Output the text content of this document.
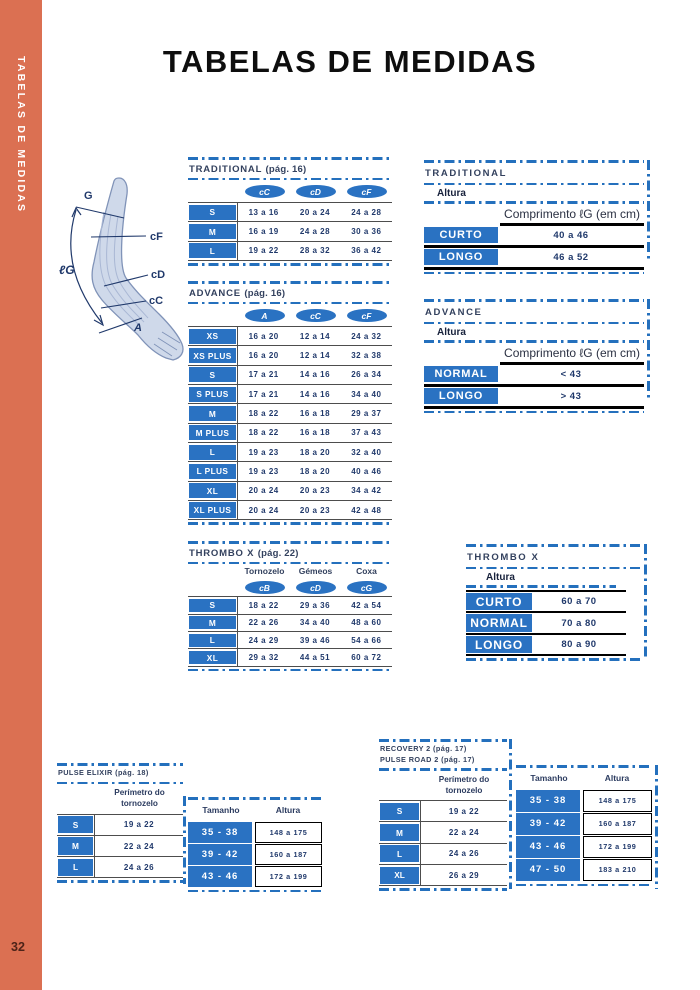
TABELAS DE MEDIDAS
32
TABELAS DE MEDIDAS
G
cF
ℓG	cD
cC
A
TRADITIONAL (pág. 16)
cC	cD	cF
S	13 a 16	20 a 24	24 a 28
M	16 a 19	24 a 28	30 a 36
L	19 a 22	28 a 32	36 a 42
ADVANCE (pág. 16)
A	cC	cF
XS	16 a 20	12 a 14	24 a 32
XS PLUS	16 a 20	12 a 14	32 a 38
S	17 a 21	14 a 16	26 a 34
S PLUS	17 a 21	14 a 16	34 a 40
M	18 a 22	16 a 18	29 a 37
M PLUS	18 a 22	16 a 18	37 a 43
L	19 a 23	18 a 20	32 a 40
L PLUS	19 a 23	18 a 20	40 a 46
XL	20 a 24	20 a 23	34 a 42
XL PLUS	20 a 24	20 a 23	42 a 48
THROMBO X (pág. 22)
Tornozelo	Gémeos	Coxa
cB	cD	cG
S	18 a 22	29 a 36	42 a 54
M	22 a 26	34 a 40	48 a 60
L	24 a 29	39 a 46	54 a 66
XL	29 a 32	44 a 51	60 a 72
TRADITIONAL
Altura
Comprimento ℓG (em cm)
CURTO	40 a 46
LONGO	46 a 52
ADVANCE
Altura
Comprimento ℓG (em cm)
NORMAL	< 43
LONGO	> 43
THROMBO X
Altura
CURTO	60 a 70
NORMAL	70 a 80
LONGO	80 a 90
PULSE ELIXIR (pág. 18)
Perímetro do tornozelo
S	19 a 22
M	22 a 24
L	24 a 26
Tamanho	Altura
35 - 38	148 a 175
39 - 42	160 a 187
43 - 46	172 a 199
RECOVERY 2 (pág. 17)
PULSE ROAD 2 (pág. 17)
Perímetro do tornozelo
S	19 a 22
M	22 a 24
L	24 a 26
XL	26 a 29
Tamanho	Altura
35 - 38	148 a 175
39 - 42	160 a 187
43 - 46	172 a 199
47 - 50	183 a 210
